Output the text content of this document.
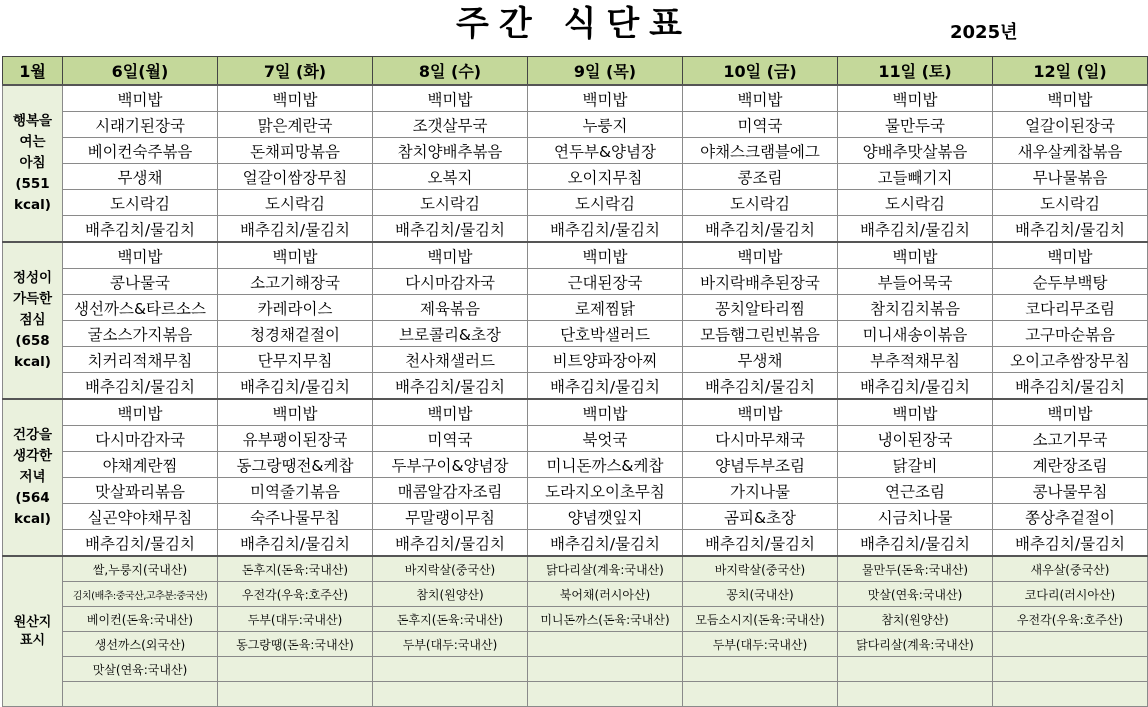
주간 식단표	2025년
1월	6일(월)	7일 (화)	8일 (수)	9일 (목)	10일 (금)	11일 (토)	12일 (일)

행복을
여는
아침
(551
kcal)	백미밥	백미밥	백미밥	백미밥	백미밥	백미밥	백미밥
	시래기된장국	맑은계란국	조갯살무국	누룽지	미역국	물만두국	얼갈이된장국
	베이컨숙주볶음	돈채피망볶음	참치양배추볶음	연두부&양념장	야채스크램블에그	양배추맛살볶음	새우살케찹볶음
	무생채	얼갈이쌈장무침	오복지	오이지무침	콩조림	고들빼기지	무나물볶음
	도시락김	도시락김	도시락김	도시락김	도시락김	도시락김	도시락김
	배추김치/물김치	배추김치/물김치	배추김치/물김치	배추김치/물김치	배추김치/물김치	배추김치/물김치	배추김치/물김치

정성이
가득한
점심
(658
kcal)	백미밥	백미밥	백미밥	백미밥	백미밥	백미밥	백미밥
	콩나물국	소고기해장국	다시마감자국	근대된장국	바지락배추된장국	부들어묵국	순두부백탕
	생선까스&타르소스	카레라이스	제육볶음	로제찜닭	꽁치알타리찜	참치김치볶음	코다리무조림
	굴소스가지볶음	청경채겉절이	브로콜리&초장	단호박샐러드	모듬햄그린빈볶음	미니새송이볶음	고구마순볶음
	치커리적채무침	단무지무침	천사채샐러드	비트양파장아찌	무생채	부추적채무침	오이고추쌈장무침
	배추김치/물김치	배추김치/물김치	배추김치/물김치	배추김치/물김치	배추김치/물김치	배추김치/물김치	배추김치/물김치

건강을
생각한
저녁
(564
kcal)	백미밥	백미밥	백미밥	백미밥	백미밥	백미밥	백미밥
	다시마감자국	유부팽이된장국	미역국	북엇국	다시마무채국	냉이된장국	소고기무국
	야채계란찜	동그랑땡전&케찹	두부구이&양념장	미니돈까스&케찹	양념두부조림	닭갈비	계란장조림
	맛살꽈리볶음	미역줄기볶음	매콤알감자조림	도라지오이초무침	가지나물	연근조림	콩나물무침
	실곤약야채무침	숙주나물무침	무말랭이무침	양념깻잎지	곰피&초장	시금치나물	쫑상추겉절이
	배추김치/물김치	배추김치/물김치	배추김치/물김치	배추김치/물김치	배추김치/물김치	배추김치/물김치	배추김치/물김치

원산지
표시	쌀,누룽지(국내산)	돈후지(돈육:국내산)	바지락살(중국산)	닭다리살(계육:국내산)	바지락살(중국산)	물만두(돈육:국내산)	새우살(중국산)
	김치(배추:중국산,고추분:중국산)	우전각(우육:호주산)	참치(원양산)	북어채(러시아산)	꽁치(국내산)	맛살(연육:국내산)	코다리(러시아산)
	베이컨(돈육:국내산)	두부(대두:국내산)	돈후지(돈육:국내산)	미니돈까스(돈육:국내산)	모듬소시지(돈육:국내산)	참치(원양산)	우전각(우육:호주산)
	생선까스(외국산)	동그랑땡(돈육:국내산)	두부(대두:국내산)		두부(대두:국내산)	닭다리살(계육:국내산)	
	맛살(연육:국내산)						
